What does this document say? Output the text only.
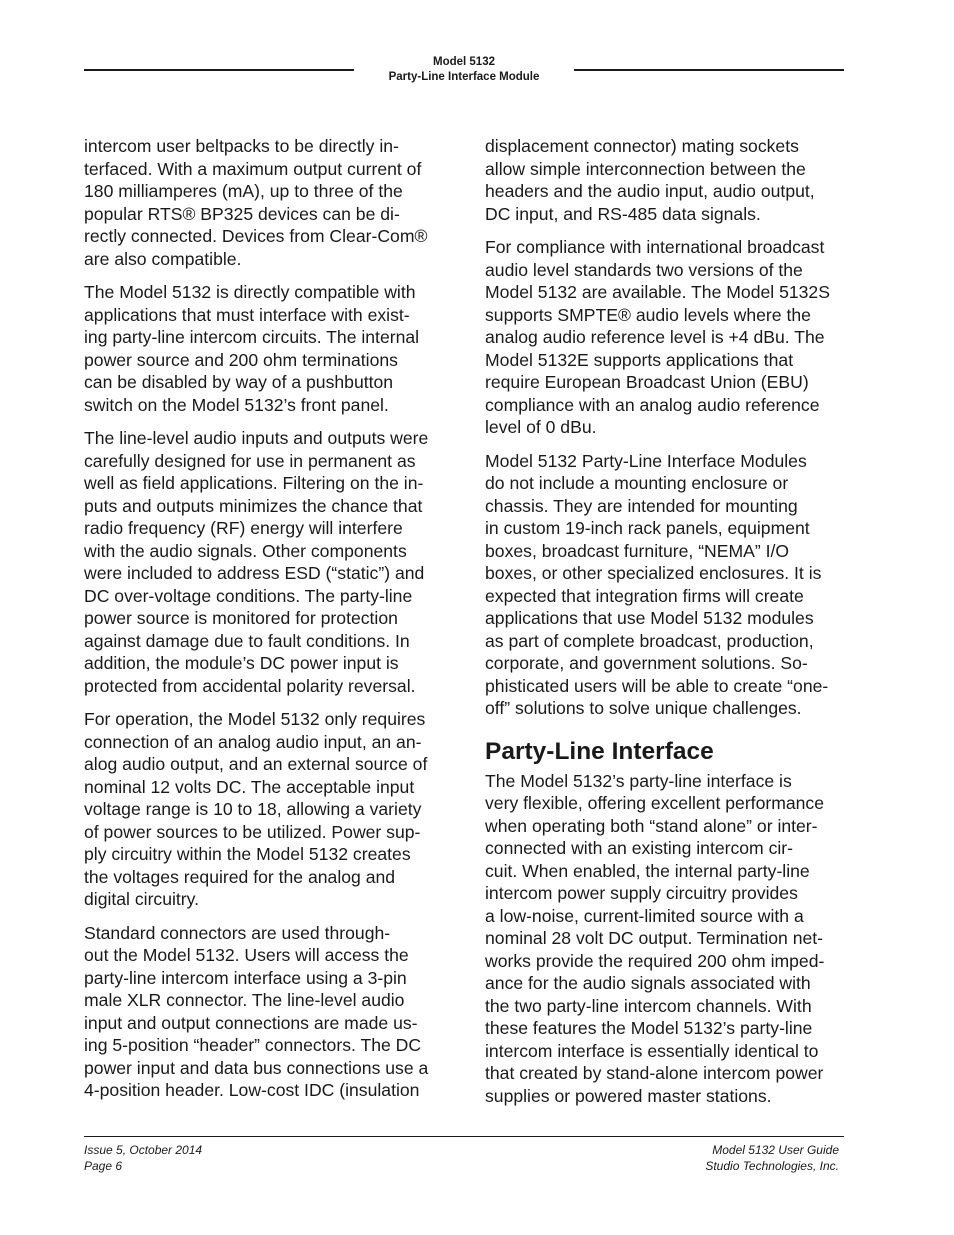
Model 5132
Party-Line Interface Module

intercom user beltpacks to be directly in-
terfaced. With a maximum output current of
180 milliamperes (mA), up to three of the
popular RTS® BP325 devices can be di-
rectly connected. Devices from Clear-Com®
are also compatible.

The Model 5132 is directly compatible with
applications that must interface with exist-
ing party-line intercom circuits. The internal
power source and 200 ohm terminations
can be disabled by way of a pushbutton
switch on the Model 5132’s front panel.

The line-level audio inputs and outputs were
carefully designed for use in permanent as
well as field applications. Filtering on the in-
puts and outputs minimizes the chance that
radio frequency (RF) energy will interfere
with the audio signals. Other components
were included to address ESD (“static”) and
DC over-voltage conditions. The party-line
power source is monitored for protection
against damage due to fault conditions. In
addition, the module’s DC power input is
protected from accidental polarity reversal.

For operation, the Model 5132 only requires
connection of an analog audio input, an an-
alog audio output, and an external source of
nominal 12 volts DC. The acceptable input
voltage range is 10 to 18, allowing a variety
of power sources to be utilized. Power sup-
ply circuitry within the Model 5132 creates
the voltages required for the analog and
digital circuitry.

Standard connectors are used through-
out the Model 5132. Users will access the
party-line intercom interface using a 3-pin
male XLR connector. The line-level audio
input and output connections are made us-
ing 5-position “header” connectors. The DC
power input and data bus connections use a
4-position header. Low-cost IDC (insulation

displacement connector) mating sockets
allow simple interconnection between the
headers and the audio input, audio output,
DC input, and RS-485 data signals.

For compliance with international broadcast
audio level standards two versions of the
Model 5132 are available. The Model 5132S
supports SMPTE® audio levels where the
analog audio reference level is +4 dBu. The
Model 5132E supports applications that
require European Broadcast Union (EBU)
compliance with an analog audio reference
level of 0 dBu.

Model 5132 Party-Line Interface Modules
do not include a mounting enclosure or
chassis. They are intended for mounting
in custom 19-inch rack panels, equipment
boxes, broadcast furniture, “NEMA” I/O
boxes, or other specialized enclosures. It is
expected that integration firms will create
applications that use Model 5132 modules
as part of complete broadcast, production,
corporate, and government solutions. So-
phisticated users will be able to create “one-
off” solutions to solve unique challenges.

Party-Line Interface

The Model 5132’s party-line interface is
very flexible, offering excellent performance
when operating both “stand alone” or inter-
connected with an existing intercom cir-
cuit. When enabled, the internal party-line
intercom power supply circuitry provides
a low-noise, current-limited source with a
nominal 28 volt DC output. Termination net-
works provide the required 200 ohm imped-
ance for the audio signals associated with
the two party-line intercom channels. With
these features the Model 5132’s party-line
intercom interface is essentially identical to
that created by stand-alone intercom power
supplies or powered master stations.

Issue 5, October 2014
Page 6
Model 5132 User Guide
Studio Technologies, Inc.
